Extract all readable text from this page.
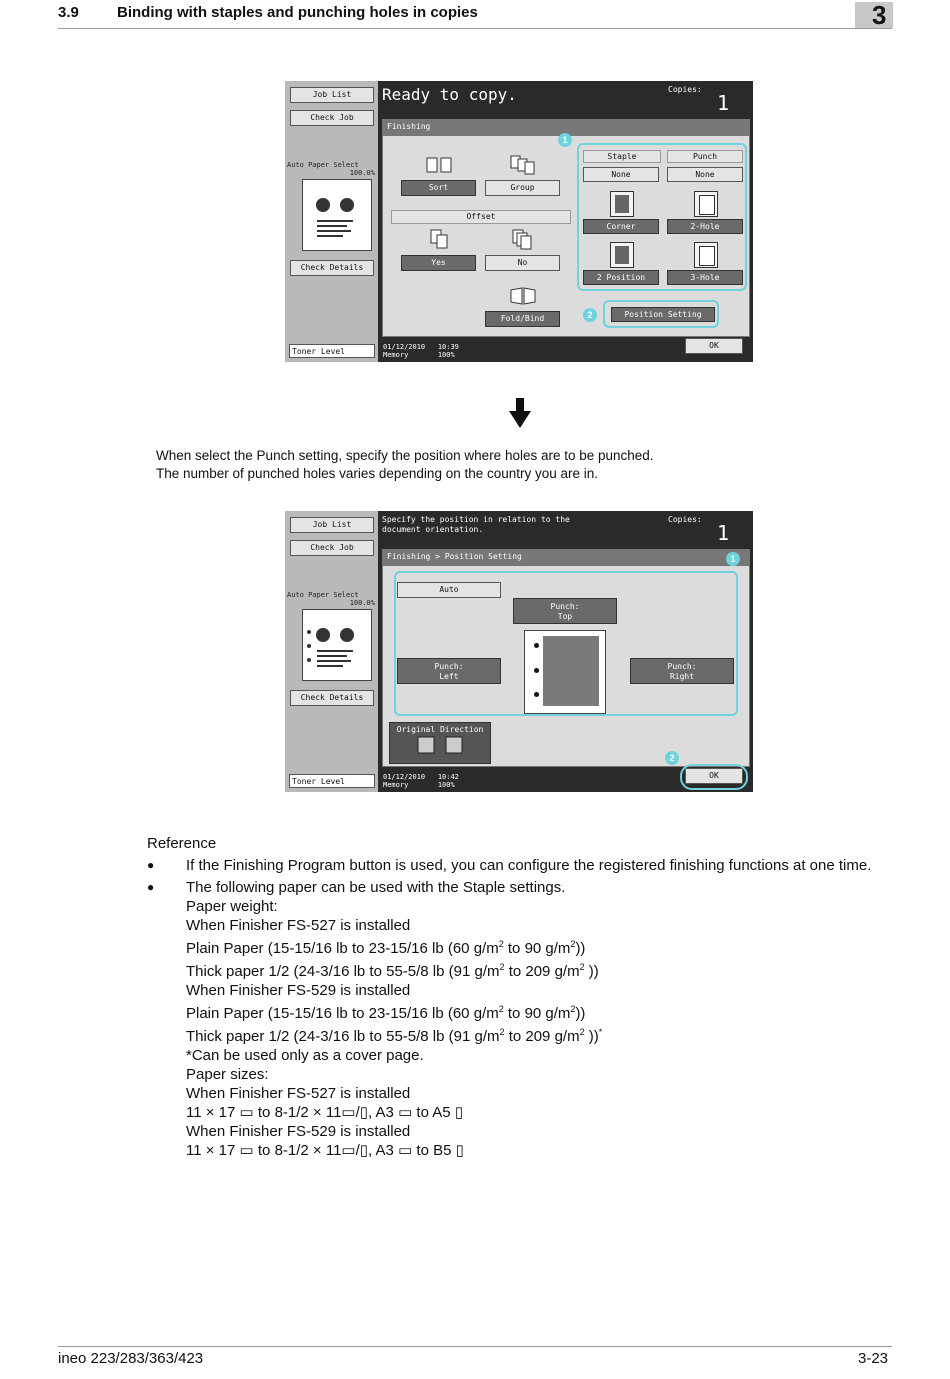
3.9	Binding with staples and punching holes in copies	3
Job List
Check Job
Auto Paper Select
100.0%
Check Details
Toner Level
Ready to copy.	Copies:
1
Finishing
Sort	Group
Offset
Yes	No
Fold/Bind
Staple	Punch
None	None
Corner	2-Hole
2 Position	3-Hole
Position Setting
1
2
01/12/2010 10:39
Memory	100%
OK
When select the Punch setting, specify the position where holes are to be punched.
The number of punched holes varies depending on the country you are in.
Job List
Check Job
Auto Paper Select
100.0%
Check Details
Toner Level
Specify the position in relation to the
document orientation.
Copies:
1
Finishing > Position Setting
Auto
Punch:
Top
Punch:
Left
Punch:
Right
1
Original Direction
01/12/2010 10:42
Memory	100%
OK
2
Reference
● If the Finishing Program button is used, you can configure the registered finishing functions at one time.
● The following paper can be used with the Staple settings.
Paper weight:
When Finisher FS-527 is installed
Plain Paper (15-15/16 lb to 23-15/16 lb (60 $g/m^2$ to 90 $g/m^2$))
Thick paper 1/2 (24-3/16 lb to 55-5/8 lb (91 $g/m^2$ to 209 $g/m^2$ ))
When Finisher FS-529 is installed
Plain Paper (15-15/16 lb to 23-15/16 lb (60 $g/m^2$ to 90 $g/m^2$))
Thick paper 1/2 (24-3/16 lb to 55-5/8 lb (91 $g/m^2$ to 209 $g/m^2$ ))*
*Can be used only as a cover page.
Paper sizes:
When Finisher FS-527 is installed
11 × 17 ▭ to 8-1/2 × 11▭/▯, A3 ▭ to A5 ▯
When Finisher FS-529 is installed
11 × 17 ▭ to 8-1/2 × 11▭/▯, A3 ▭ to B5 ▯
ineo 223/283/363/423	3-23
